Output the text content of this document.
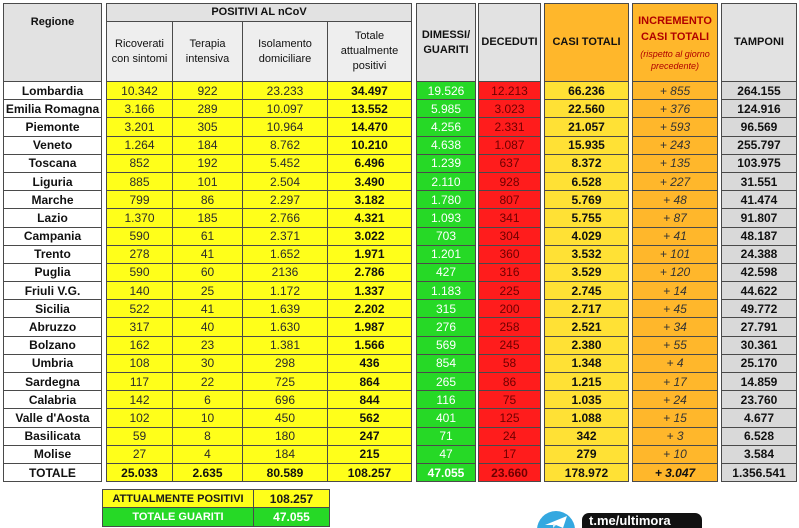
Regione
POSITIVI AL nCoV
Ricoverati
con sintomi
Terapia
intensiva
Isolamento
domiciliare
Totale
attualmente
positivi
DIMESSI/
GUARITI
DECEDUTI	CASI TOTALI
INCREMENTO
CASI TOTALI
(rispetto al giorno
precedente)
TAMPONI
Lombardia	10.342	922	23.233	34.497	19.526	12.213	66.236	+ 855	264.155
Emilia Romagna	3.166	289	10.097	13.552	5.985	3.023	22.560	+ 376	124.916
Piemonte	3.201	305	10.964	14.470	4.256	2.331	21.057	+ 593	96.569
Veneto	1.264	184	8.762	10.210	4.638	1.087	15.935	+ 243	255.797
Toscana	852	192	5.452	6.496	1.239	637	8.372	+ 135	103.975
Liguria	885	101	2.504	3.490	2.110	928	6.528	+ 227	31.551
Marche	799	86	2.297	3.182	1.780	807	5.769	+ 48	41.474
Lazio	1.370	185	2.766	4.321	1.093	341	5.755	+ 87	91.807
Campania	590	61	2.371	3.022	703	304	4.029	+ 41	48.187
Trento	278	41	1.652	1.971	1.201	360	3.532	+ 101	24.388
Puglia	590	60	2136	2.786	427	316	3.529	+ 120	42.598
Friuli V.G.	140	25	1.172	1.337	1.183	225	2.745	+ 14	44.622
Sicilia	522	41	1.639	2.202	315	200	2.717	+ 45	49.772
Abruzzo	317	40	1.630	1.987	276	258	2.521	+ 34	27.791
Bolzano	162	23	1.381	1.566	569	245	2.380	+ 55	30.361
Umbria	108	30	298	436	854	58	1.348	+ 4	25.170
Sardegna	117	22	725	864	265	86	1.215	+ 17	14.859
Calabria	142	6	696	844	116	75	1.035	+ 24	23.760
Valle d'Aosta	102	10	450	562	401	125	1.088	+ 15	4.677
Basilicata	59	8	180	247	71	24	342	+ 3	6.528
Molise	27	4	184	215	47	17	279	+ 10	3.584
TOTALE	25.033	2.635	80.589	108.257	47.055	23.660	178.972	+ 3.047	1.356.541
ATTUALMENTE POSITIVI	108.257
TOTALE GUARITI	47.055	t.me/ultimora
